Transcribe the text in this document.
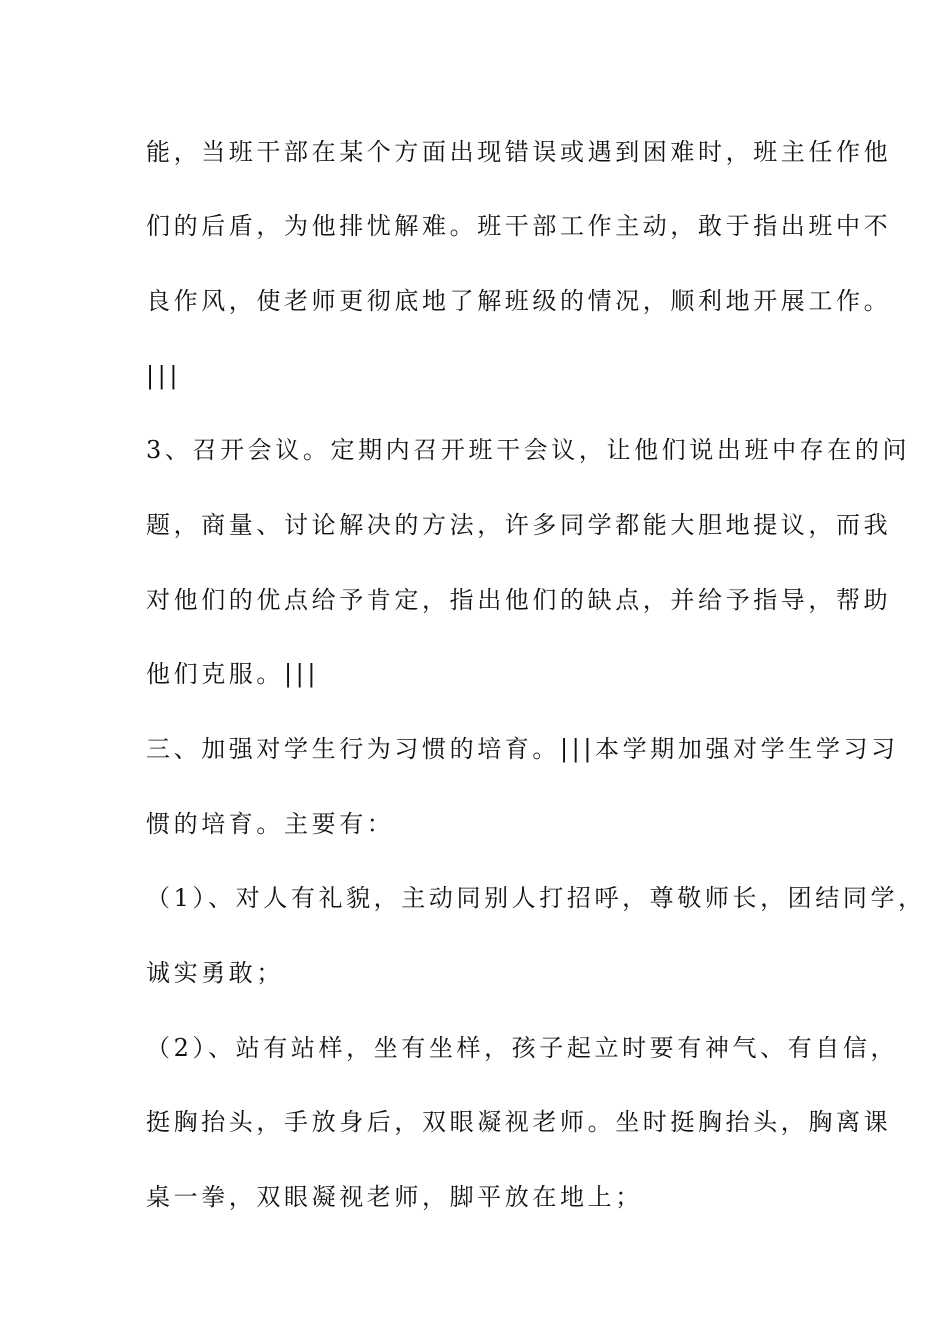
能，当班干部在某个方面出现错误或遇到困难时，班主任作他
们的后盾，为他排忧解难。班干部工作主动，敢于指出班中不
良作风，使老师更彻底地了解班级的情况，顺利地开展工作。
|||
3、召开会议。定期内召开班干会议，让他们说出班中存在的问
题，商量、讨论解决的方法，许多同学都能大胆地提议，而我
对他们的优点给予肯定，指出他们的缺点，并给予指导，帮助
他们克服。|||
三、加强对学生行为习惯的培育。|||本学期加强对学生学习习
惯的培育。主要有：
（1）、对人有礼貌，主动同别人打招呼，尊敬师长，团结同学，
诚实勇敢；
（2）、站有站样，坐有坐样，孩子起立时要有神气、有自信，
挺胸抬头，手放身后，双眼凝视老师。坐时挺胸抬头，胸离课
桌一拳，双眼凝视老师，脚平放在地上；
